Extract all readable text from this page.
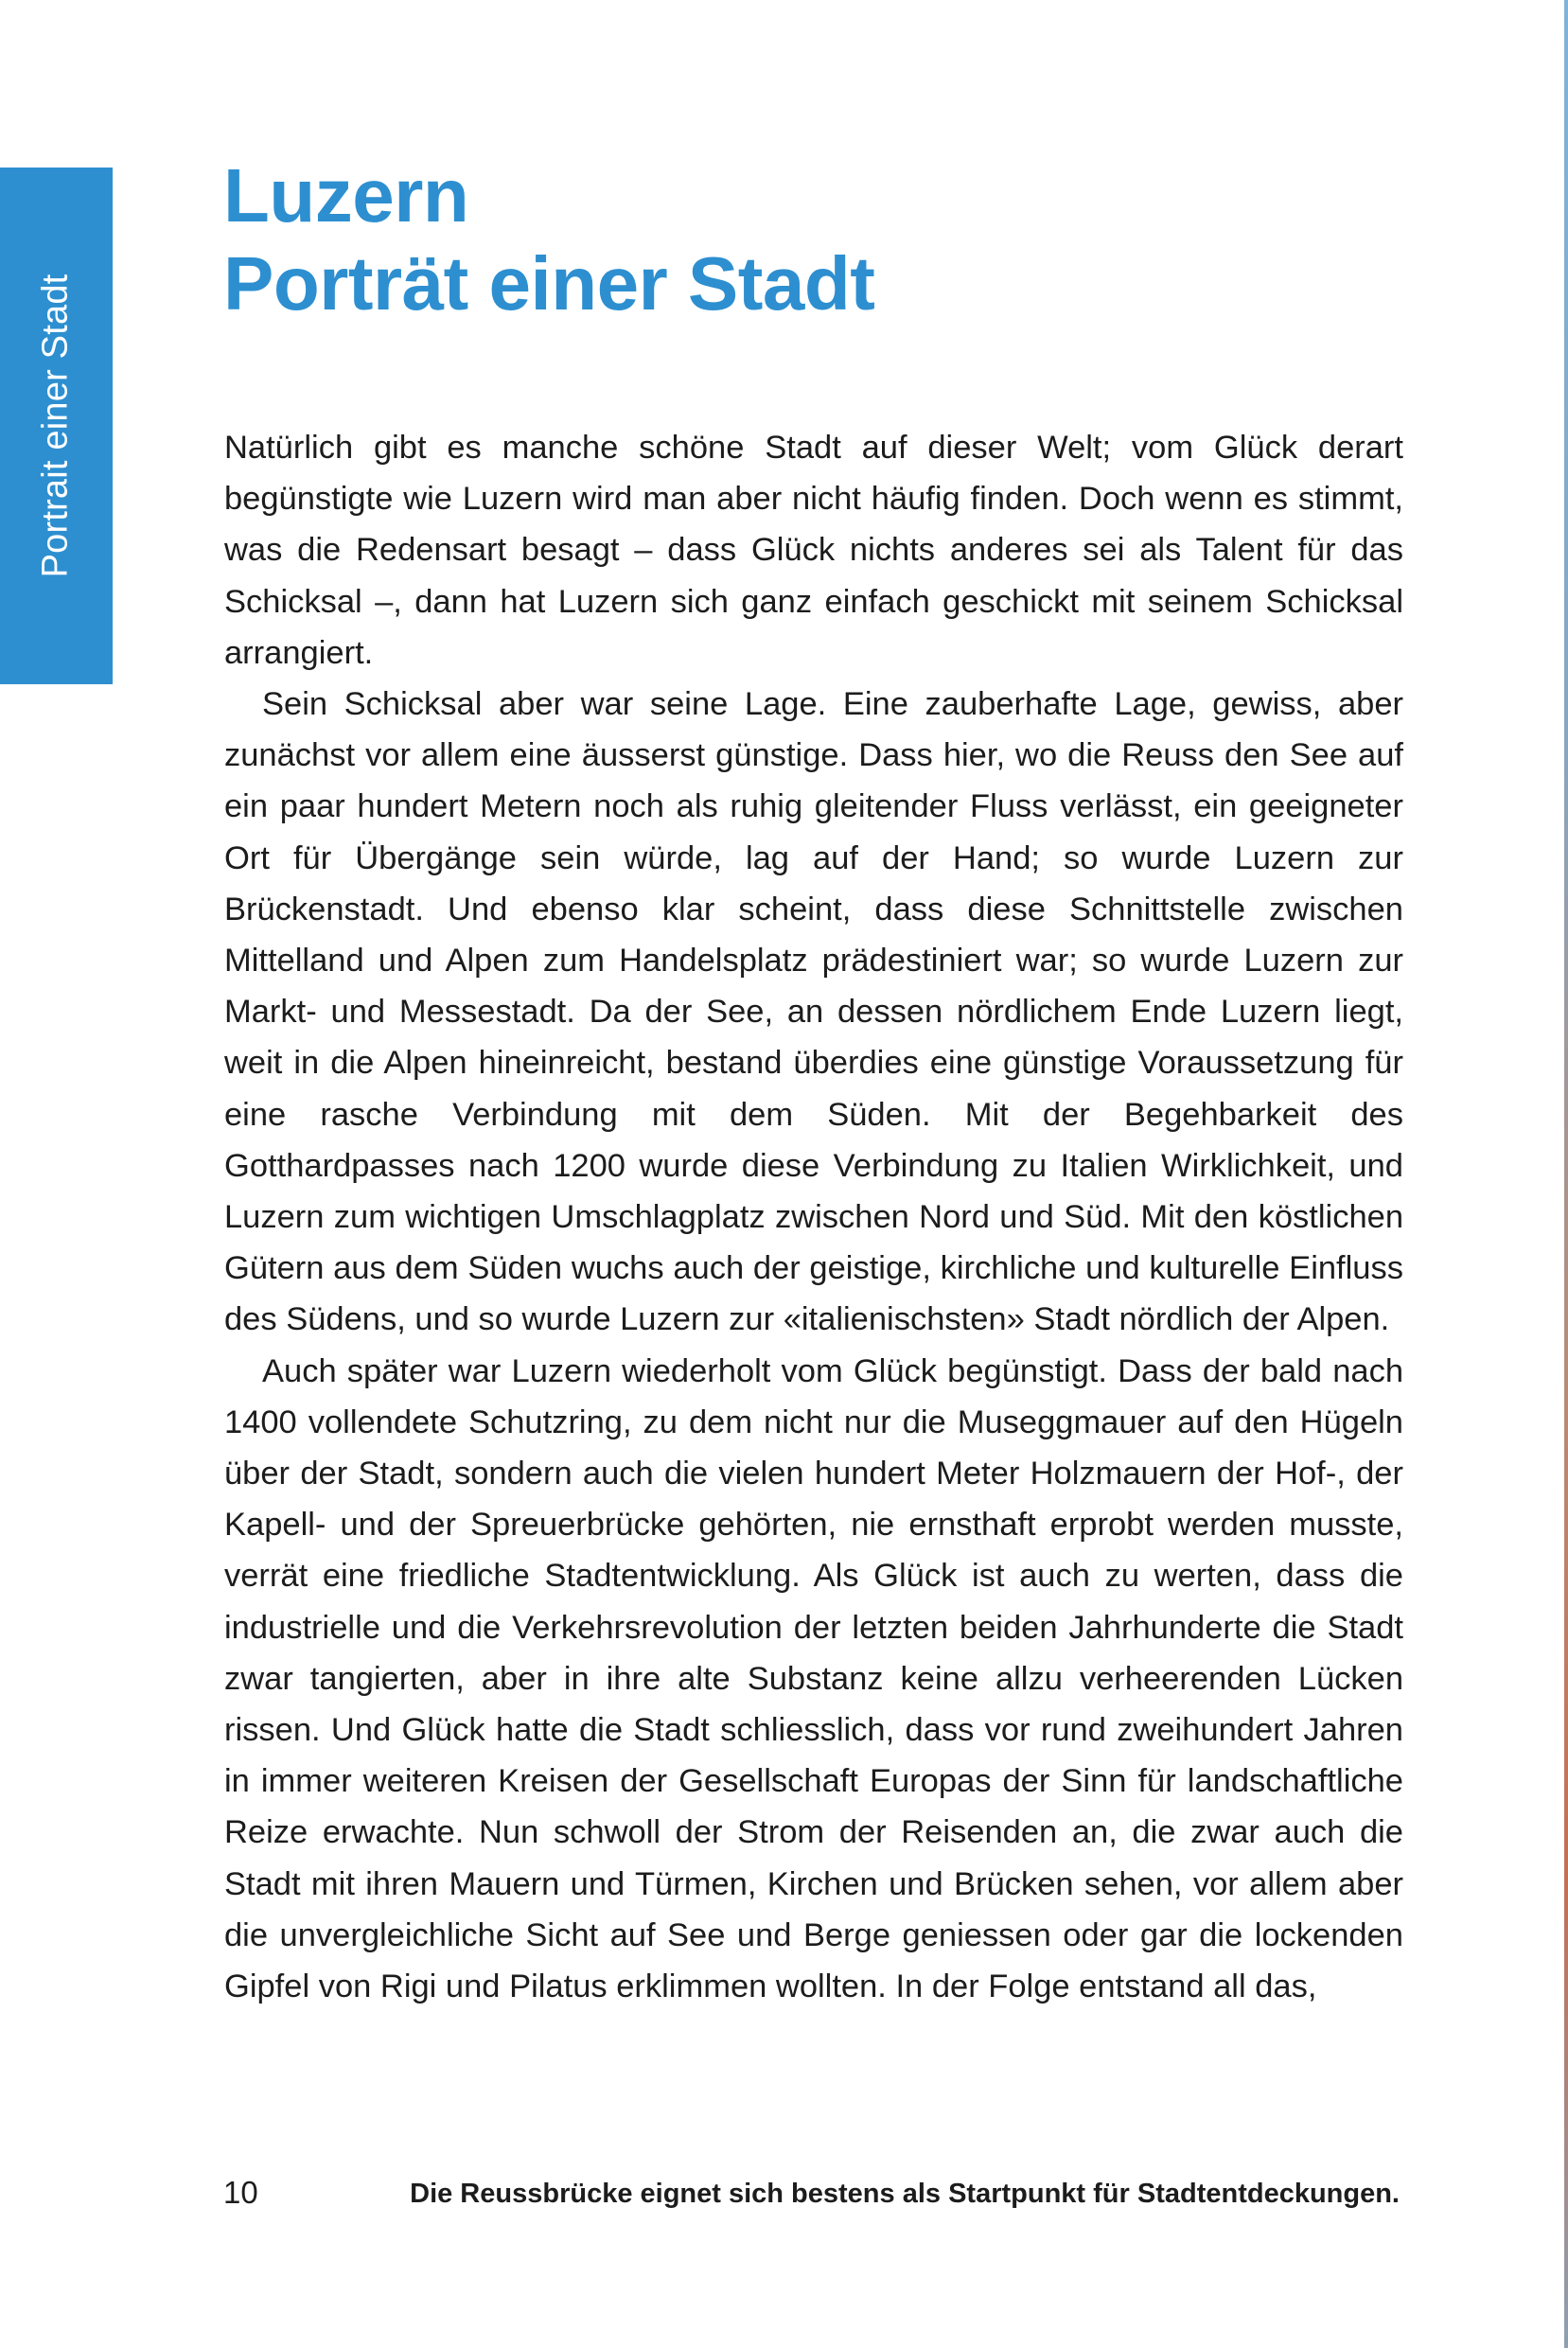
Portrait einer Stadt
Luzern
Porträt einer Stadt

Natürlich gibt es manche schöne Stadt auf dieser Welt; vom Glück derart begünstigte wie Luzern wird man aber nicht häufig finden. Doch wenn es stimmt, was die Redensart besagt – dass Glück nichts anderes sei als Talent für das Schicksal –, dann hat Luzern sich ganz einfach geschickt mit seinem Schicksal arrangiert.

Sein Schicksal aber war seine Lage. Eine zauberhafte Lage, gewiss, aber zunächst vor allem eine äusserst günstige. Dass hier, wo die Reuss den See auf ein paar hundert Metern noch als ruhig gleitender Fluss verlässt, ein geeigneter Ort für Übergänge sein würde, lag auf der Hand; so wurde Luzern zur Brückenstadt. Und ebenso klar scheint, dass diese Schnittstelle zwischen Mittelland und Alpen zum Handelsplatz prädestiniert war; so wurde Luzern zur Markt- und Messestadt. Da der See, an dessen nördlichem Ende Luzern liegt, weit in die Alpen hineinreicht, bestand überdies eine günstige Voraussetzung für eine rasche Verbindung mit dem Süden. Mit der Begehbarkeit des Gotthardpasses nach 1200 wurde diese Verbindung zu Italien Wirklichkeit, und Luzern zum wichtigen Umschlagplatz zwischen Nord und Süd. Mit den köstlichen Gütern aus dem Süden wuchs auch der geistige, kirchliche und kulturelle Einfluss des Südens, und so wurde Luzern zur «italienischsten» Stadt nördlich der Alpen.

Auch später war Luzern wiederholt vom Glück begünstigt. Dass der bald nach 1400 vollendete Schutzring, zu dem nicht nur die Museggmauer auf den Hügeln über der Stadt, sondern auch die vielen hundert Meter Holzmauern der Hof-, der Kapell- und der Spreuerbrücke gehörten, nie ernsthaft erprobt werden musste, verrät eine friedliche Stadtentwicklung. Als Glück ist auch zu werten, dass die industrielle und die Verkehrsrevolution der letzten beiden Jahrhunderte die Stadt zwar tangierten, aber in ihre alte Substanz keine allzu verheerenden Lücken rissen. Und Glück hatte die Stadt schliesslich, dass vor rund zweihundert Jahren in immer weiteren Kreisen der Gesellschaft Europas der Sinn für landschaftliche Reize erwachte. Nun schwoll der Strom der Reisenden an, die zwar auch die Stadt mit ihren Mauern und Türmen, Kirchen und Brücken sehen, vor allem aber die unvergleichliche Sicht auf See und Berge geniessen oder gar die lockenden Gipfel von Rigi und Pilatus erklimmen wollten. In der Folge entstand all das,

10	Die Reussbrücke eignet sich bestens als Startpunkt für Stadtentdeckungen.
